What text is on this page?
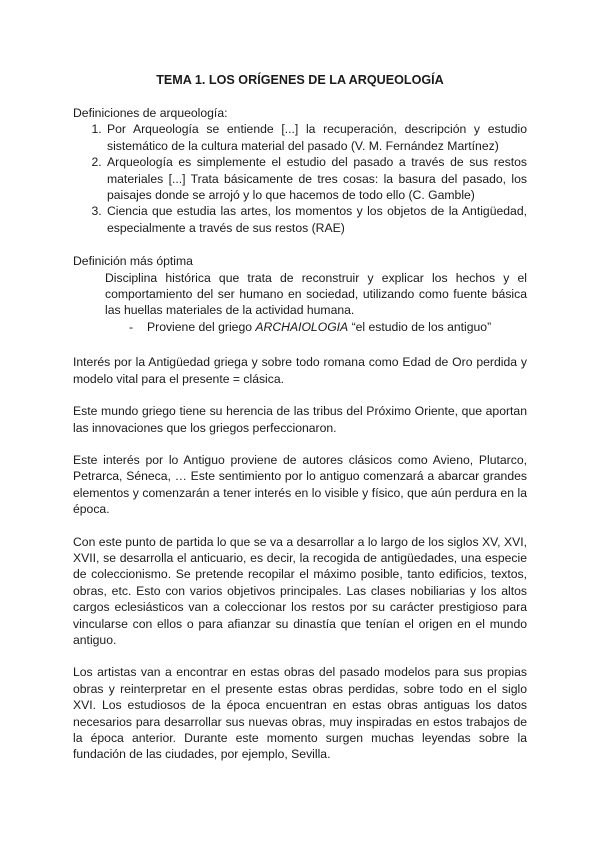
TEMA 1. LOS ORÍGENES DE LA ARQUEOLOGÍA
Definiciones de arqueología:
1. Por Arqueología se entiende [...] la recuperación, descripción y estudio sistemático de la cultura material del pasado (V. M. Fernández Martínez)
2. Arqueología es simplemente el estudio del pasado a través de sus restos materiales [...] Trata básicamente de tres cosas: la basura del pasado, los paisajes donde se arrojó y lo que hacemos de todo ello (C. Gamble)
3. Ciencia que estudia las artes, los momentos y los objetos de la Antigüedad, especialmente a través de sus restos (RAE)
Definición más óptima
Disciplina histórica que trata de reconstruir y explicar los hechos y el comportamiento del ser humano en sociedad, utilizando como fuente básica las huellas materiales de la actividad humana.
-	Proviene del griego ARCHAIOLOGIA “el estudio de los antiguo”

Interés por la Antigüedad griega y sobre todo romana como Edad de Oro perdida y modelo vital para el presente = clásica.

Este mundo griego tiene su herencia de las tribus del Próximo Oriente, que aportan las innovaciones que los griegos perfeccionaron.

Este interés por lo Antiguo proviene de autores clásicos como Avieno, Plutarco, Petrarca, Séneca, … Este sentimiento por lo antiguo comenzará a abarcar grandes elementos y comenzarán a tener interés en lo visible y físico, que aún perdura en la época.

Con este punto de partida lo que se va a desarrollar a lo largo de los siglos XV, XVI, XVII, se desarrolla el anticuario, es decir, la recogida de antigüedades, una especie de coleccionismo. Se pretende recopilar el máximo posible, tanto edificios, textos, obras, etc. Esto con varios objetivos principales. Las clases nobiliarias y los altos cargos eclesiásticos van a coleccionar los restos por su carácter prestigioso para vincularse con ellos o para afianzar su dinastía que tenían el origen en el mundo antiguo.

Los artistas van a encontrar en estas obras del pasado modelos para sus propias obras y reinterpretar en el presente estas obras perdidas, sobre todo en el siglo XVI. Los estudiosos de la época encuentran en estas obras antiguas los datos necesarios para desarrollar sus nuevas obras, muy inspiradas en estos trabajos de la época anterior. Durante este momento surgen muchas leyendas sobre la fundación de las ciudades, por ejemplo, Sevilla.
